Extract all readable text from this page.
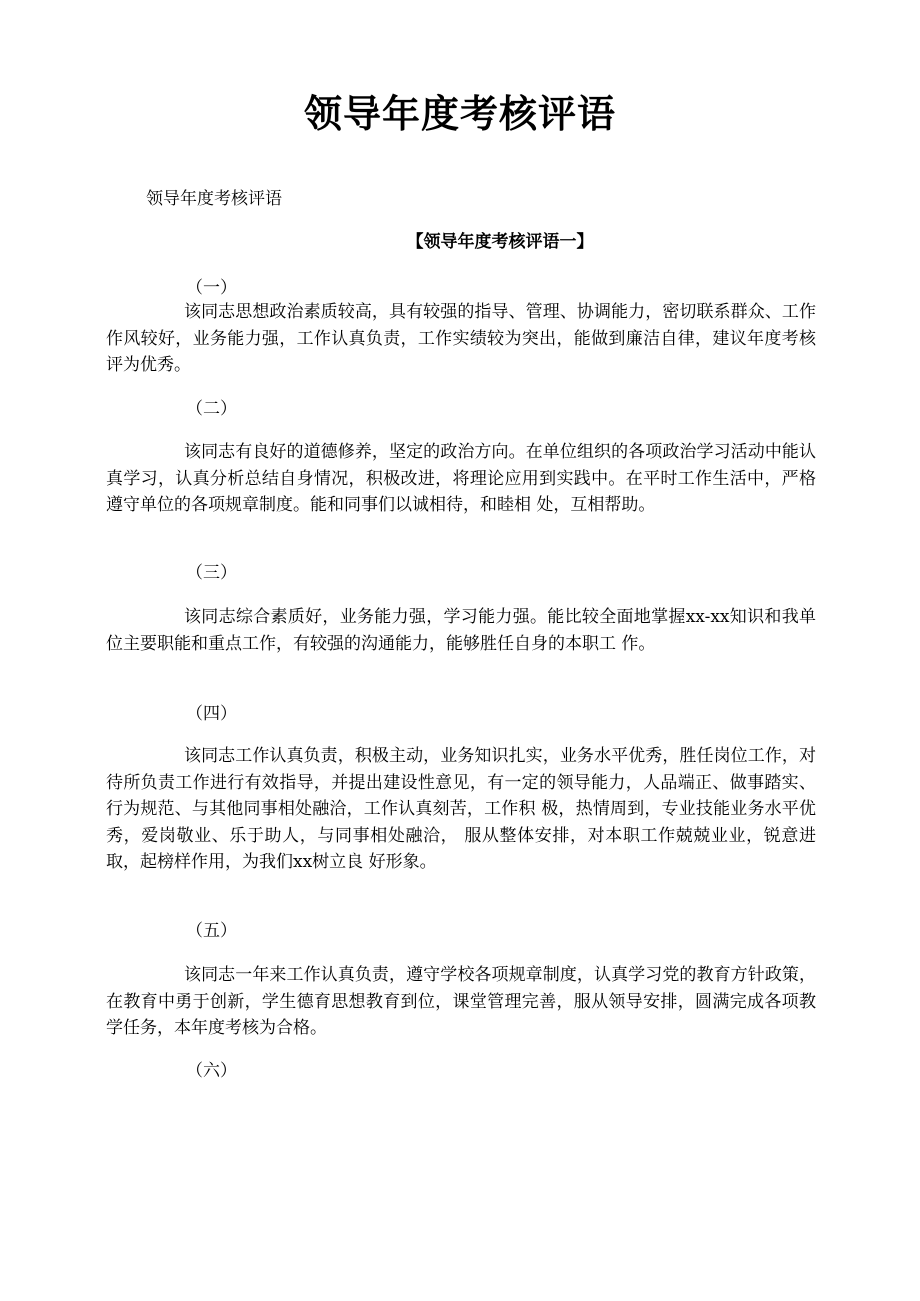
领导年度考核评语
领导年度考核评语
【领导年度考核评语一】
（一）
该同志思想政治素质较高，具有较强的指导、管理、协调能力，密切联系群众、工作作风较好，业务能力强，工作认真负责，工作实绩较为突出，能做到廉洁自律，建议年度考核评为优秀。
（二）
该同志有良好的道德修养，坚定的政治方向。在单位组织的各项政治学习活动中能认真学习，认真分析总结自身情况，积极改进，将理论应用到实践中。在平时工作生活中，严格遵守单位的各项规章制度。能和同事们以诚相待，和睦相 处，互相帮助。
（三）
该同志综合素质好，业务能力强，学习能力强。能比较全面地掌握xx-xx知识和我单位主要职能和重点工作，有较强的沟通能力，能够胜任自身的本职工 作。
（四）
该同志工作认真负责，积极主动，业务知识扎实，业务水平优秀，胜任岗位工作，对待所负责工作进行有效指导，并提出建设性意见，有一定的领导能力，人品端正、做事踏实、行为规范、与其他同事相处融洽，工作认真刻苦，工作积 极，热情周到，专业技能业务水平优秀，爱岗敬业、乐于助人，与同事相处融洽， 服从整体安排，对本职工作兢兢业业，锐意进取，起榜样作用，为我们xx树立良 好形象。
（五）
该同志一年来工作认真负责，遵守学校各项规章制度，认真学习党的教育方针政策，在教育中勇于创新，学生德育思想教育到位，课堂管理完善，服从领导安排，圆满完成各项教学任务，本年度考核为合格。
（六）
